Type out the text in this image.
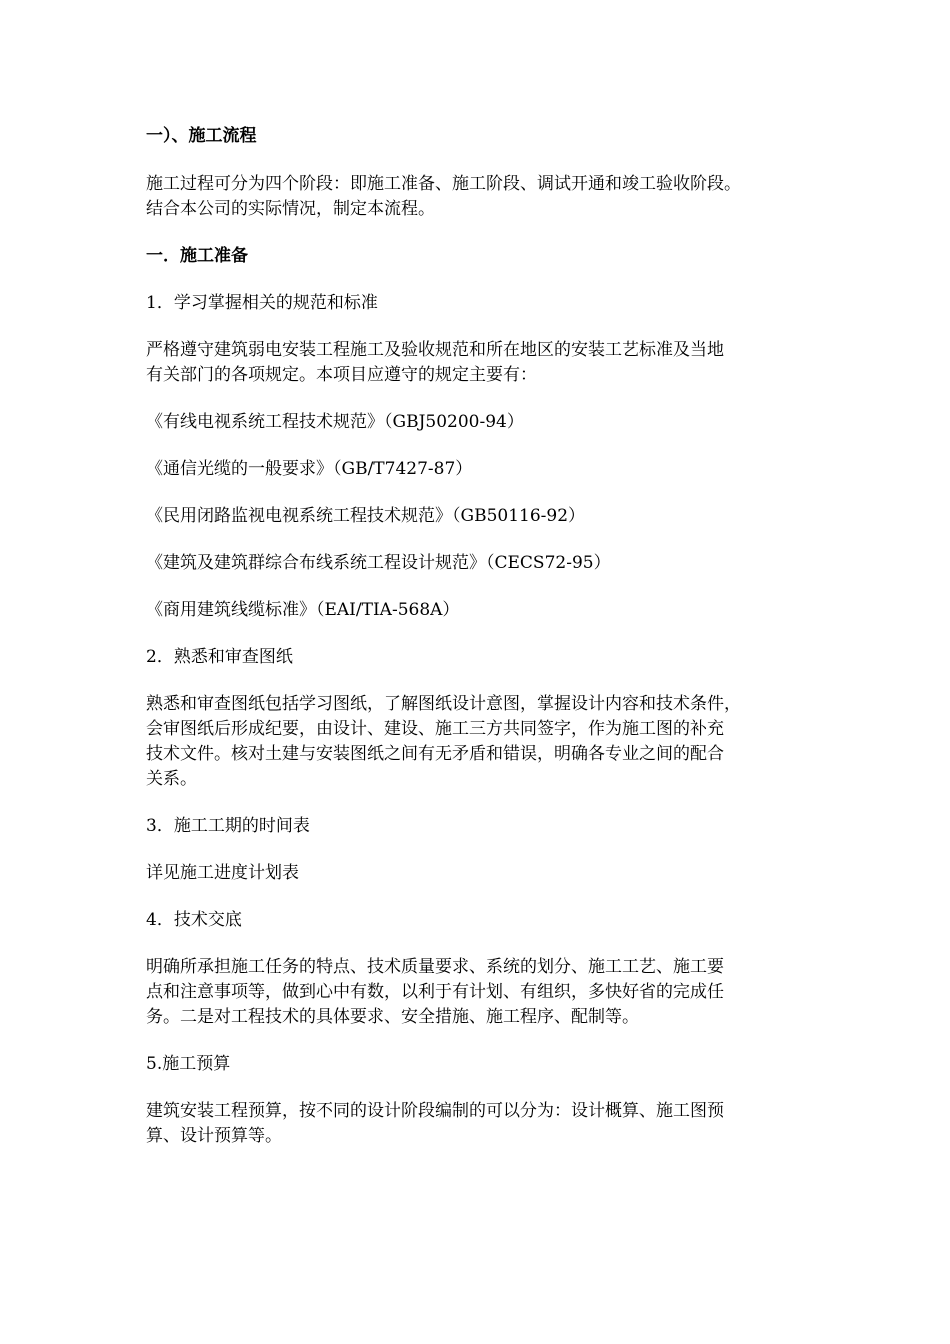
一）、施工流程
施工过程可分为四个阶段：即施工准备、施工阶段、调试开通和竣工验收阶段。
结合本公司的实际情况，制定本流程。
一．施工准备
1．学习掌握相关的规范和标准
严格遵守建筑弱电安装工程施工及验收规范和所在地区的安装工艺标准及当地
有关部门的各项规定。本项目应遵守的规定主要有：
《有线电视系统工程技术规范》（GBJ50200-94）
《通信光缆的一般要求》（GB/T7427-87）
《民用闭路监视电视系统工程技术规范》（GB50116-92）
《建筑及建筑群综合布线系统工程设计规范》（CECS72-95）
《商用建筑线缆标准》（EAI/TIA-568A）
2．熟悉和审查图纸
熟悉和审查图纸包括学习图纸，了解图纸设计意图，掌握设计内容和技术条件，
会审图纸后形成纪要，由设计、建设、施工三方共同签字，作为施工图的补充
技术文件。核对土建与安装图纸之间有无矛盾和错误，明确各专业之间的配合
关系。
3．施工工期的时间表
详见施工进度计划表
4．技术交底
明确所承担施工任务的特点、技术质量要求、系统的划分、施工工艺、施工要
点和注意事项等，做到心中有数，以利于有计划、有组织，多快好省的完成任
务。二是对工程技术的具体要求、安全措施、施工程序、配制等。
5.施工预算
建筑安装工程预算，按不同的设计阶段编制的可以分为：设计概算、施工图预
算、设计预算等。
